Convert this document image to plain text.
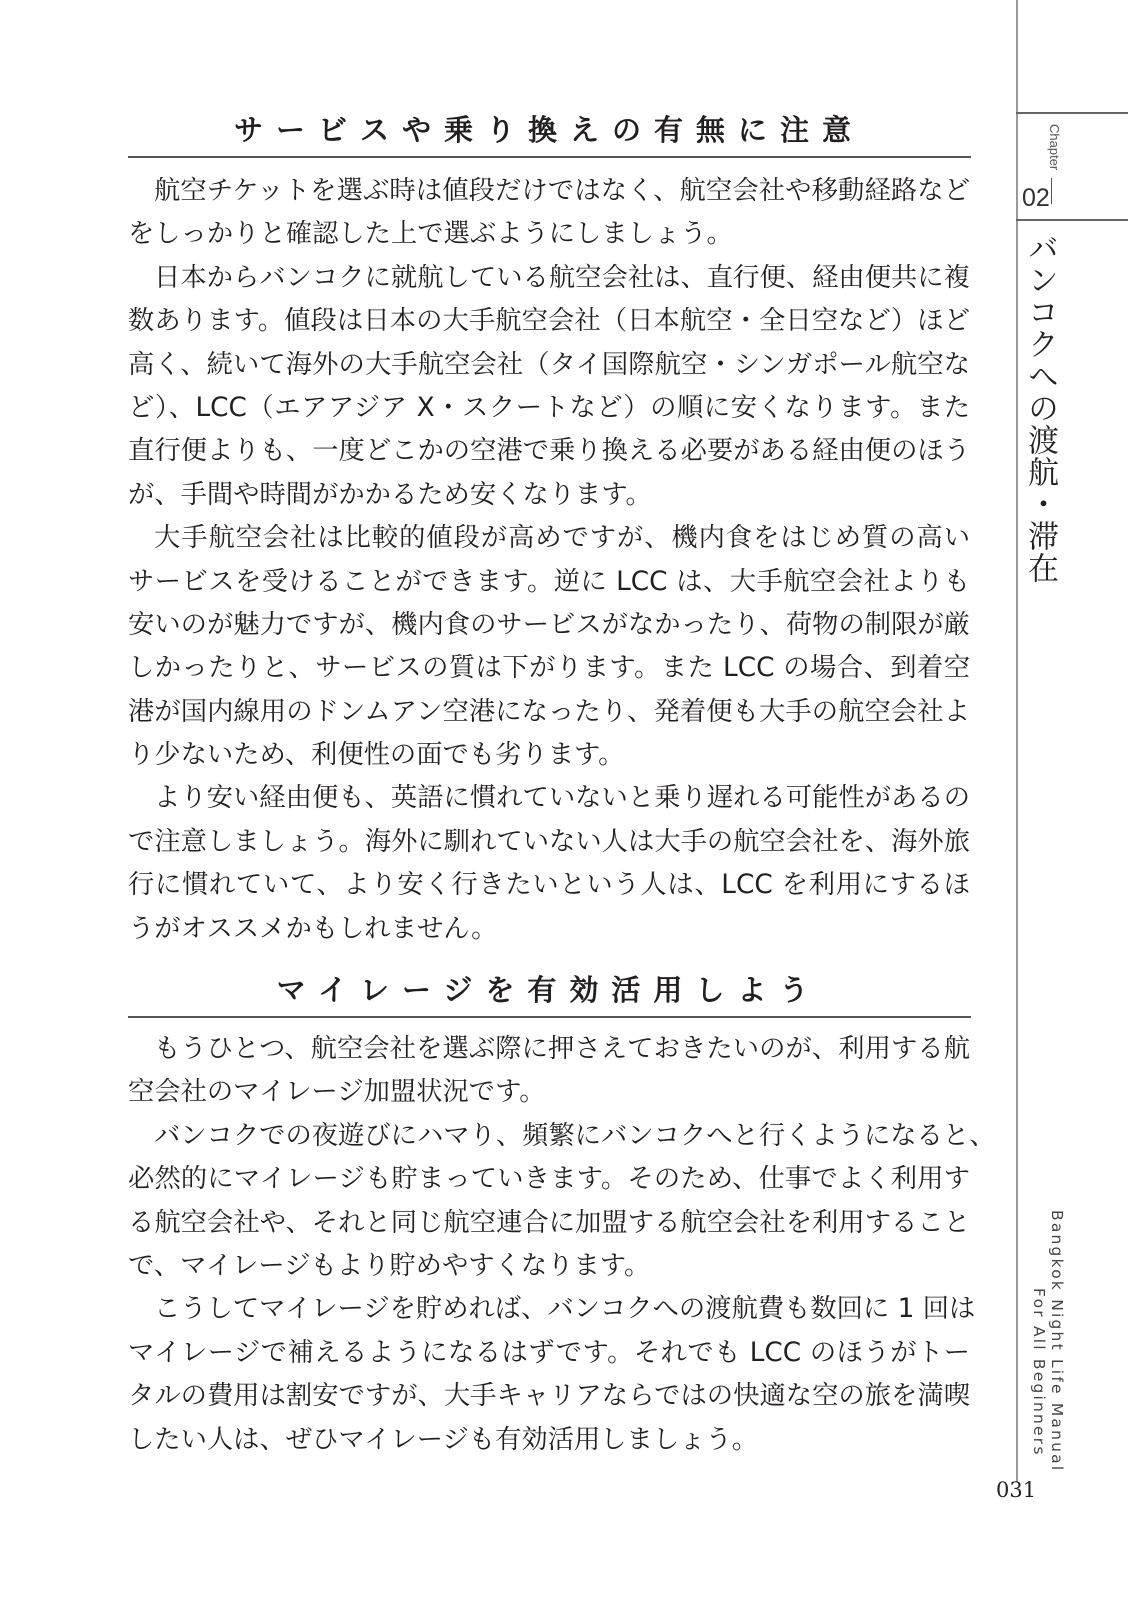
Chapter
02
バンコクへの渡航・滞在
Bangkok Night Life Manual
For All Beginners
031
サービスや乗り換えの有無に注意
航空チケットを選ぶ時は値段だけではなく、航空会社や移動経路など
をしっかりと確認した上で選ぶようにしましょう。
日本からバンコクに就航している航空会社は、直行便、経由便共に複
数あります。値段は日本の大手航空会社（日本航空・全日空など）ほど
高く、続いて海外の大手航空会社（タイ国際航空・シンガポール航空な
ど）、LCC（エアアジア X・スクートなど）の順に安くなります。また
直行便よりも、一度どこかの空港で乗り換える必要がある経由便のほう
が、手間や時間がかかるため安くなります。
大手航空会社は比較的値段が高めですが、機内食をはじめ質の高い
サービスを受けることができます。逆に LCC は、大手航空会社よりも
安いのが魅力ですが、機内食のサービスがなかったり、荷物の制限が厳
しかったりと、サービスの質は下がります。また LCC の場合、到着空
港が国内線用のドンムアン空港になったり、発着便も大手の航空会社よ
り少ないため、利便性の面でも劣ります。
より安い経由便も、英語に慣れていないと乗り遅れる可能性があるの
で注意しましょう。海外に馴れていない人は大手の航空会社を、海外旅
行に慣れていて、より安く行きたいという人は、LCC を利用にするほ
うがオススメかもしれません。
マイレージを有効活用しよう
もうひとつ、航空会社を選ぶ際に押さえておきたいのが、利用する航
空会社のマイレージ加盟状況です。
バンコクでの夜遊びにハマり、頻繁にバンコクへと行くようになると、
必然的にマイレージも貯まっていきます。そのため、仕事でよく利用す
る航空会社や、それと同じ航空連合に加盟する航空会社を利用すること
で、マイレージもより貯めやすくなります。
こうしてマイレージを貯めれば、バンコクへの渡航費も数回に 1 回は
マイレージで補えるようになるはずです。それでも LCC のほうがトー
タルの費用は割安ですが、大手キャリアならではの快適な空の旅を満喫
したい人は、ぜひマイレージも有効活用しましょう。
